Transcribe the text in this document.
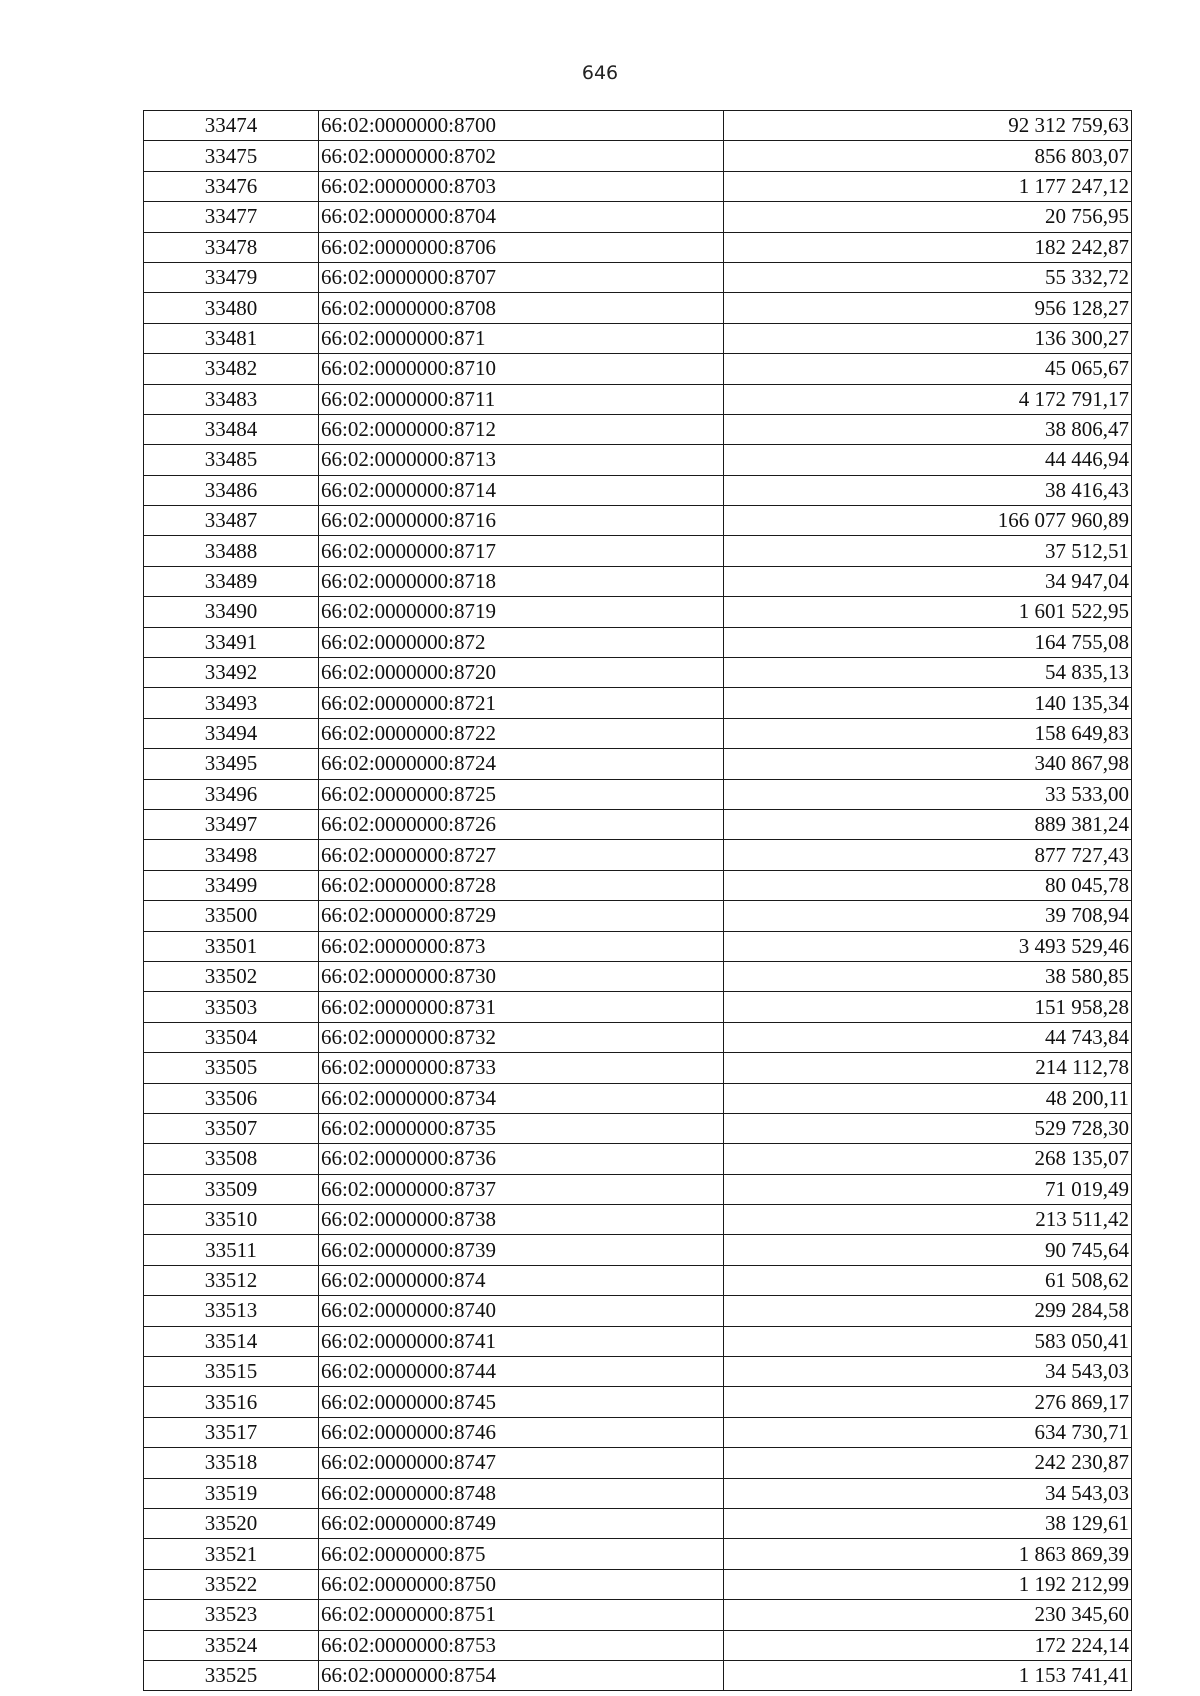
646
33474	66:02:0000000:8700	92 312 759,63
33475	66:02:0000000:8702	856 803,07
33476	66:02:0000000:8703	1 177 247,12
33477	66:02:0000000:8704	20 756,95
33478	66:02:0000000:8706	182 242,87
33479	66:02:0000000:8707	55 332,72
33480	66:02:0000000:8708	956 128,27
33481	66:02:0000000:871	136 300,27
33482	66:02:0000000:8710	45 065,67
33483	66:02:0000000:8711	4 172 791,17
33484	66:02:0000000:8712	38 806,47
33485	66:02:0000000:8713	44 446,94
33486	66:02:0000000:8714	38 416,43
33487	66:02:0000000:8716	166 077 960,89
33488	66:02:0000000:8717	37 512,51
33489	66:02:0000000:8718	34 947,04
33490	66:02:0000000:8719	1 601 522,95
33491	66:02:0000000:872	164 755,08
33492	66:02:0000000:8720	54 835,13
33493	66:02:0000000:8721	140 135,34
33494	66:02:0000000:8722	158 649,83
33495	66:02:0000000:8724	340 867,98
33496	66:02:0000000:8725	33 533,00
33497	66:02:0000000:8726	889 381,24
33498	66:02:0000000:8727	877 727,43
33499	66:02:0000000:8728	80 045,78
33500	66:02:0000000:8729	39 708,94
33501	66:02:0000000:873	3 493 529,46
33502	66:02:0000000:8730	38 580,85
33503	66:02:0000000:8731	151 958,28
33504	66:02:0000000:8732	44 743,84
33505	66:02:0000000:8733	214 112,78
33506	66:02:0000000:8734	48 200,11
33507	66:02:0000000:8735	529 728,30
33508	66:02:0000000:8736	268 135,07
33509	66:02:0000000:8737	71 019,49
33510	66:02:0000000:8738	213 511,42
33511	66:02:0000000:8739	90 745,64
33512	66:02:0000000:874	61 508,62
33513	66:02:0000000:8740	299 284,58
33514	66:02:0000000:8741	583 050,41
33515	66:02:0000000:8744	34 543,03
33516	66:02:0000000:8745	276 869,17
33517	66:02:0000000:8746	634 730,71
33518	66:02:0000000:8747	242 230,87
33519	66:02:0000000:8748	34 543,03
33520	66:02:0000000:8749	38 129,61
33521	66:02:0000000:875	1 863 869,39
33522	66:02:0000000:8750	1 192 212,99
33523	66:02:0000000:8751	230 345,60
33524	66:02:0000000:8753	172 224,14
33525	66:02:0000000:8754	1 153 741,41
